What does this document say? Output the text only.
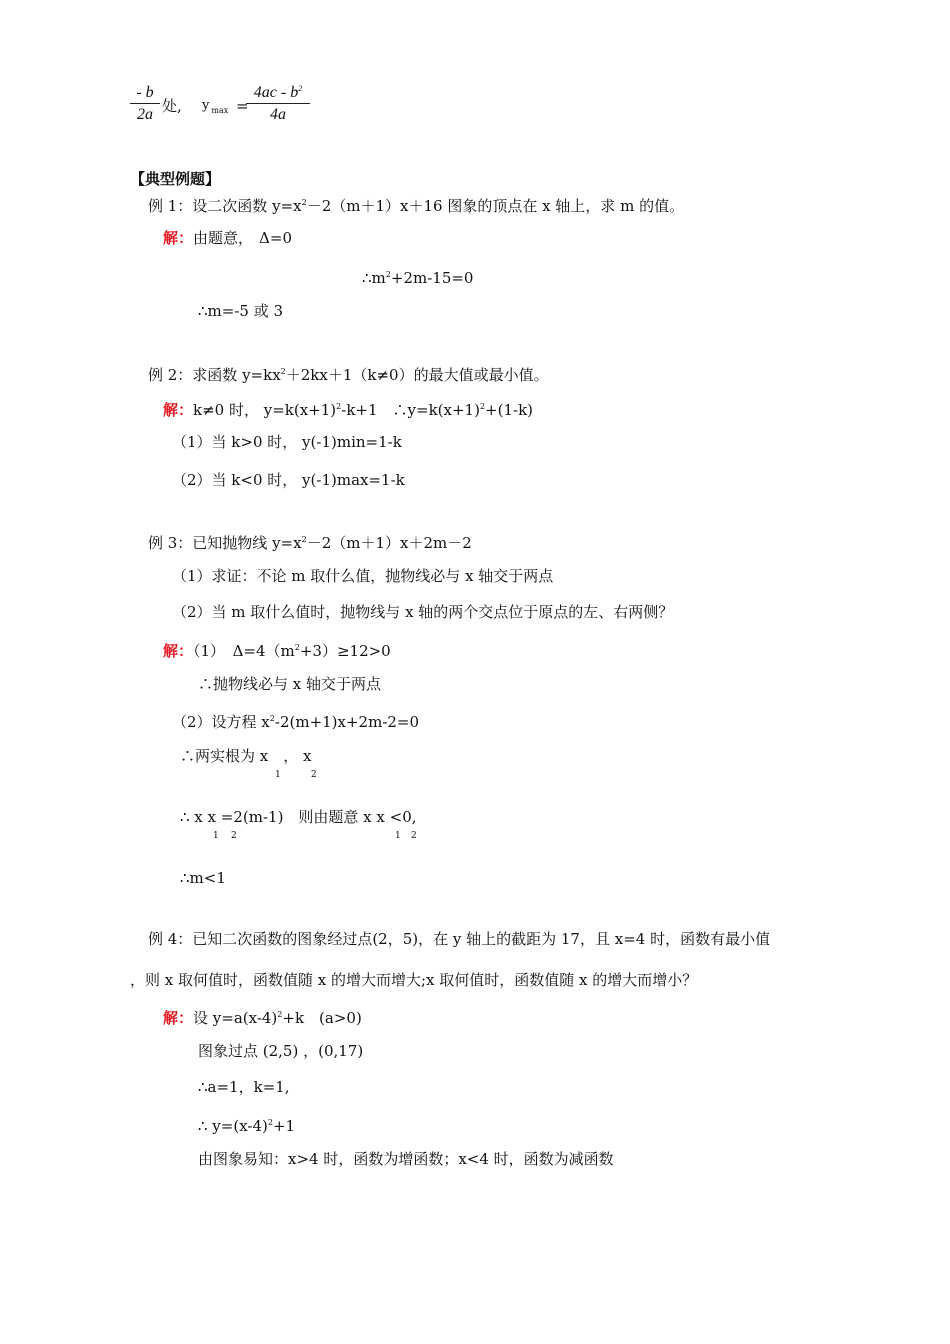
$\frac{- b}{2a}$ 处, y $_{max}$ =
$\frac{4ac - b^2}{4a}$
【典型例题】
例 1：设二次函数 $y=x^2-2(m+1)x+16$ 图象的顶点在 x 轴上，求 m 的值。
解：由题意， Δ=0
$\therefore m^2+2m-15=0$
∴m=-5 或 3
例 2：求函数 $y=kx^2+2kx+1(k\ne 0)$的最大值或最小值。
解：k≠0 时， $y=k(x+1)^2-k+1$　$\therefore y=k(x+1)^2+(1-k)$
（1）当 k>0 时， y(-1)min=1-k
（2）当 k<0 时， y(-1)max=1-k
例 3：已知抛物线 $y=x^2-2(m+1)x+2m-2$
（1）求证：不论 m 取什么值，抛物线必与 x 轴交于两点
（2）当 m 取什么值时，抛物线与 x 轴的两个交点位于原点的左、右两侧？
解：（1）　$\Delta=4(m^2+3)\ge 12>0$
∴抛物线必与 x 轴交于两点
（2）设方程 $x^2-2(m+1)x+2m-2=0$
∴两实根为 x　， x
1	2
∴ x x =2(m-1)　则由题意 x x <0,
1 2	1 2
∴m<1
例 4：已知二次函数的图象经过点(2，5)，在 y 轴上的截距为 17，且 x=4 时，函数有最小值
，则 x 取何值时，函数值随 x 的增大而增大;x 取何值时，函数值随 x 的增大而增小？
解：设 $y=a(x-4)^2+k$　(a>0)
图象过点 (2,5) ，(0,17)
∴a=1，k=1,
∴ $y=(x-4)^2+1$
由图象易知：x>4 时，函数为增函数；x<4 时，函数为减函数
